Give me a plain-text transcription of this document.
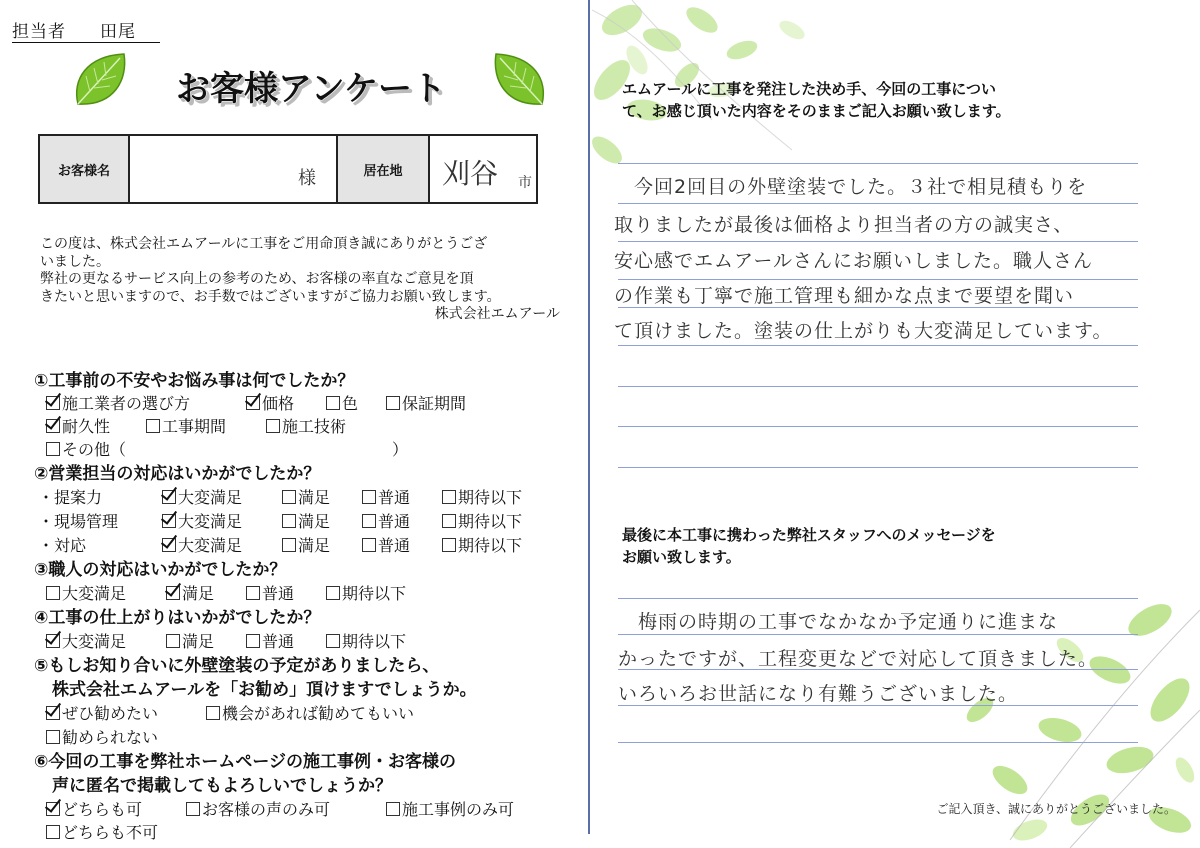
担当者 田尾
お客様アンケート
お客様名	様	居在地	刈谷 市

この度は、株式会社エムアールに工事をご用命頂き誠にありがとうござ

いました。

弊社の更なるサービス向上の参考のため、お客様の率直なご意見を頂

きたいと思いますので、お手数ではございますがご協力お願い致します。

株式会社エムアール

①工事前の不安やお悩み事は何でしたか？
施工業者の選び方	価格	色	保証期間
耐久性	工事期間	施工技術
その他（	）
②営業担当の対応はいかがでしたか？
・提案力	大変満足	満足	普通	期待以下
・現場管理	大変満足	満足	普通	期待以下
・対応	大変満足	満足	普通	期待以下
③職人の対応はいかがでしたか？
大変満足	満足	普通	期待以下
④工事の仕上がりはいかがでしたか？
大変満足	満足	普通	期待以下
⑤もしお知り合いに外壁塗装の予定がありましたら、
株式会社エムアールを「お勧め」頂けますでしょうか。
ぜひ勧めたい	機会があれば勧めてもいい
勧められない
⑥今回の工事を弊社ホームページの施工事例・お客様の
声に匿名で掲載してもよろしいでしょうか？
どちらも可	お客様の声のみ可	施工事例のみ可
どちらも不可
エムアールに工事を発注した決め手、今回の工事につい
て、お感じ頂いた内容をそのままご記入お願い致します。
　今回2回目の外壁塗装でした。３社で相見積もりを
取りましたが最後は価格より担当者の方の誠実さ、
安心感でエムアールさんにお願いしました。職人さん
の作業も丁寧で施工管理も細かな点まで要望を聞い
て頂けました。塗装の仕上がりも大変満足しています。
最後に本工事に携わった弊社スタッフへのメッセージを
お願い致します。
　梅雨の時期の工事でなかなか予定通りに進まな
かったですが、工程変更などで対応して頂きました。
いろいろお世話になり有難うございました。
ご記入頂き、誠にありがとうございました。
